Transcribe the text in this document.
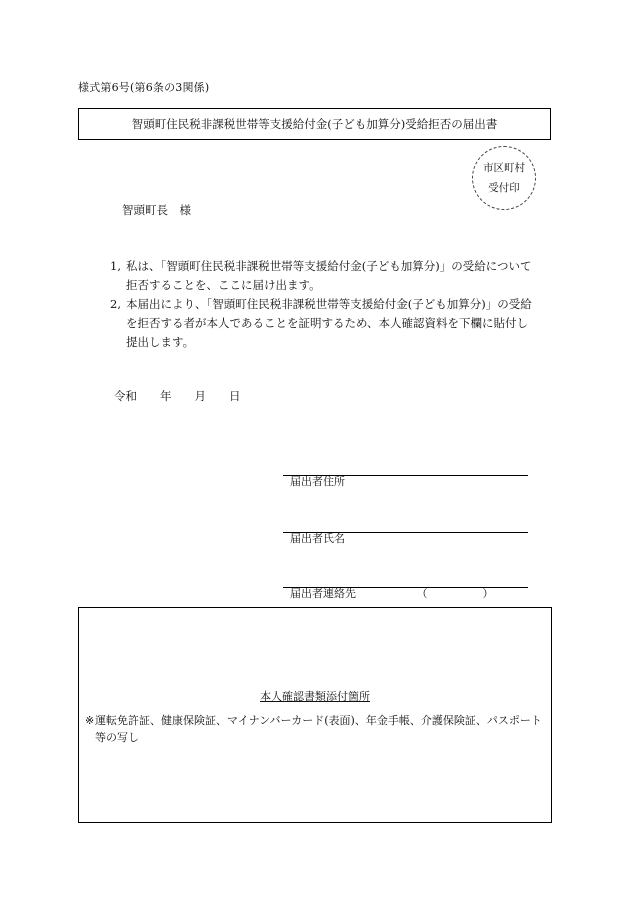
様式第6号(第6条の3関係)
智頭町住民税非課税世帯等支援給付金(子ども加算分)受給拒否の届出書
市区町村
受付印
智頭町長　様
1, 私は、「智頭町住民税非課税世帯等支援給付金(子ども加算分)」の受給について拒否することを、ここに届け出ます。
2, 本届出により、「智頭町住民税非課税世帯等支援給付金(子ども加算分)」の受給を拒否する者が本人であることを証明するため、本人確認資料を下欄に貼付し提出します。
令和　　年　　月　　日

届出者住所

届出者氏名

届出者連絡先　　　　　　（　　　　　）

本人確認書類添付箇所
※ 運転免許証、健康保険証、マイナンバーカード(表面)、年金手帳、介護保険証、パスポート等の写し
